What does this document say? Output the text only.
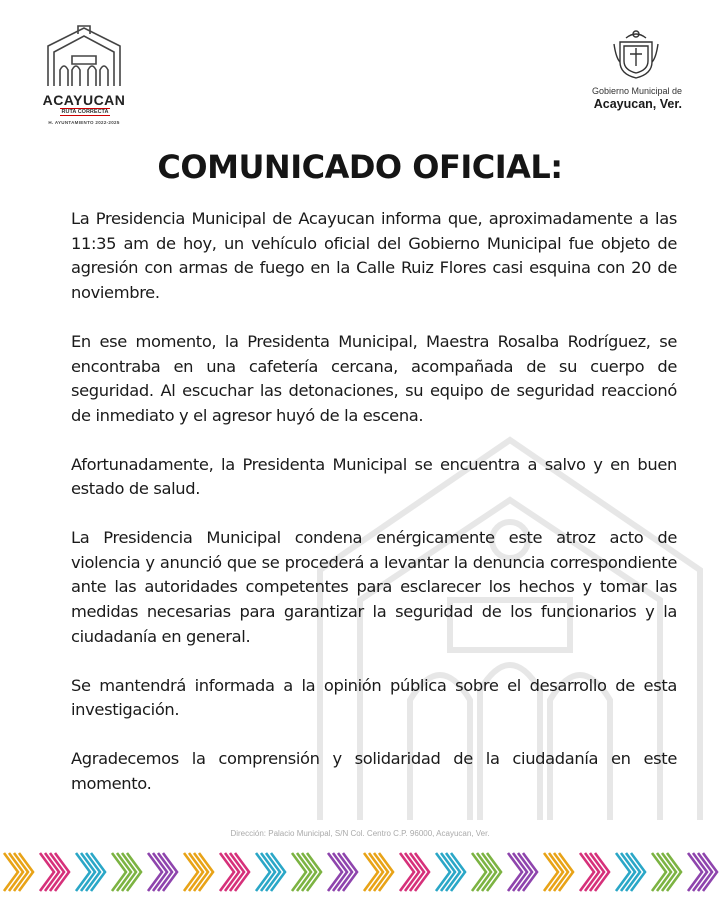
ACAYUCAN
RUTA CORRECTA
H. AYUNTAMIENTO 2022-2025
Gobierno Municipal de
Acayucan, Ver.
COMUNICADO OFICIAL:

La Presidencia Municipal de Acayucan informa que, aproximadamente a las 11:35 am de hoy, un vehículo oficial del Gobierno Municipal fue objeto de agresión con armas de fuego en la Calle Ruiz Flores casi esquina con 20 de noviembre.

En ese momento, la Presidenta Municipal, Maestra Rosalba Rodríguez, se encontraba en una cafetería cercana, acompañada de su cuerpo de seguridad. Al escuchar las detonaciones, su equipo de seguridad reaccionó de inmediato y el agresor huyó de la escena.

Afortunadamente, la Presidenta Municipal se encuentra a salvo y en buen estado de salud.

La Presidencia Municipal condena enérgicamente este atroz acto de violencia y anunció que se procederá a levantar la denuncia correspondiente ante las autoridades competentes para esclarecer los hechos y tomar las medidas necesarias para garantizar la seguridad de los funcionarios y la ciudadanía en general.

Se mantendrá informada a la opinión pública sobre el desarrollo de esta investigación.

Agradecemos la comprensión y solidaridad de la ciudadanía en este momento.

Dirección: Palacio Municipal, S/N Col. Centro C.P. 96000, Acayucan, Ver.
